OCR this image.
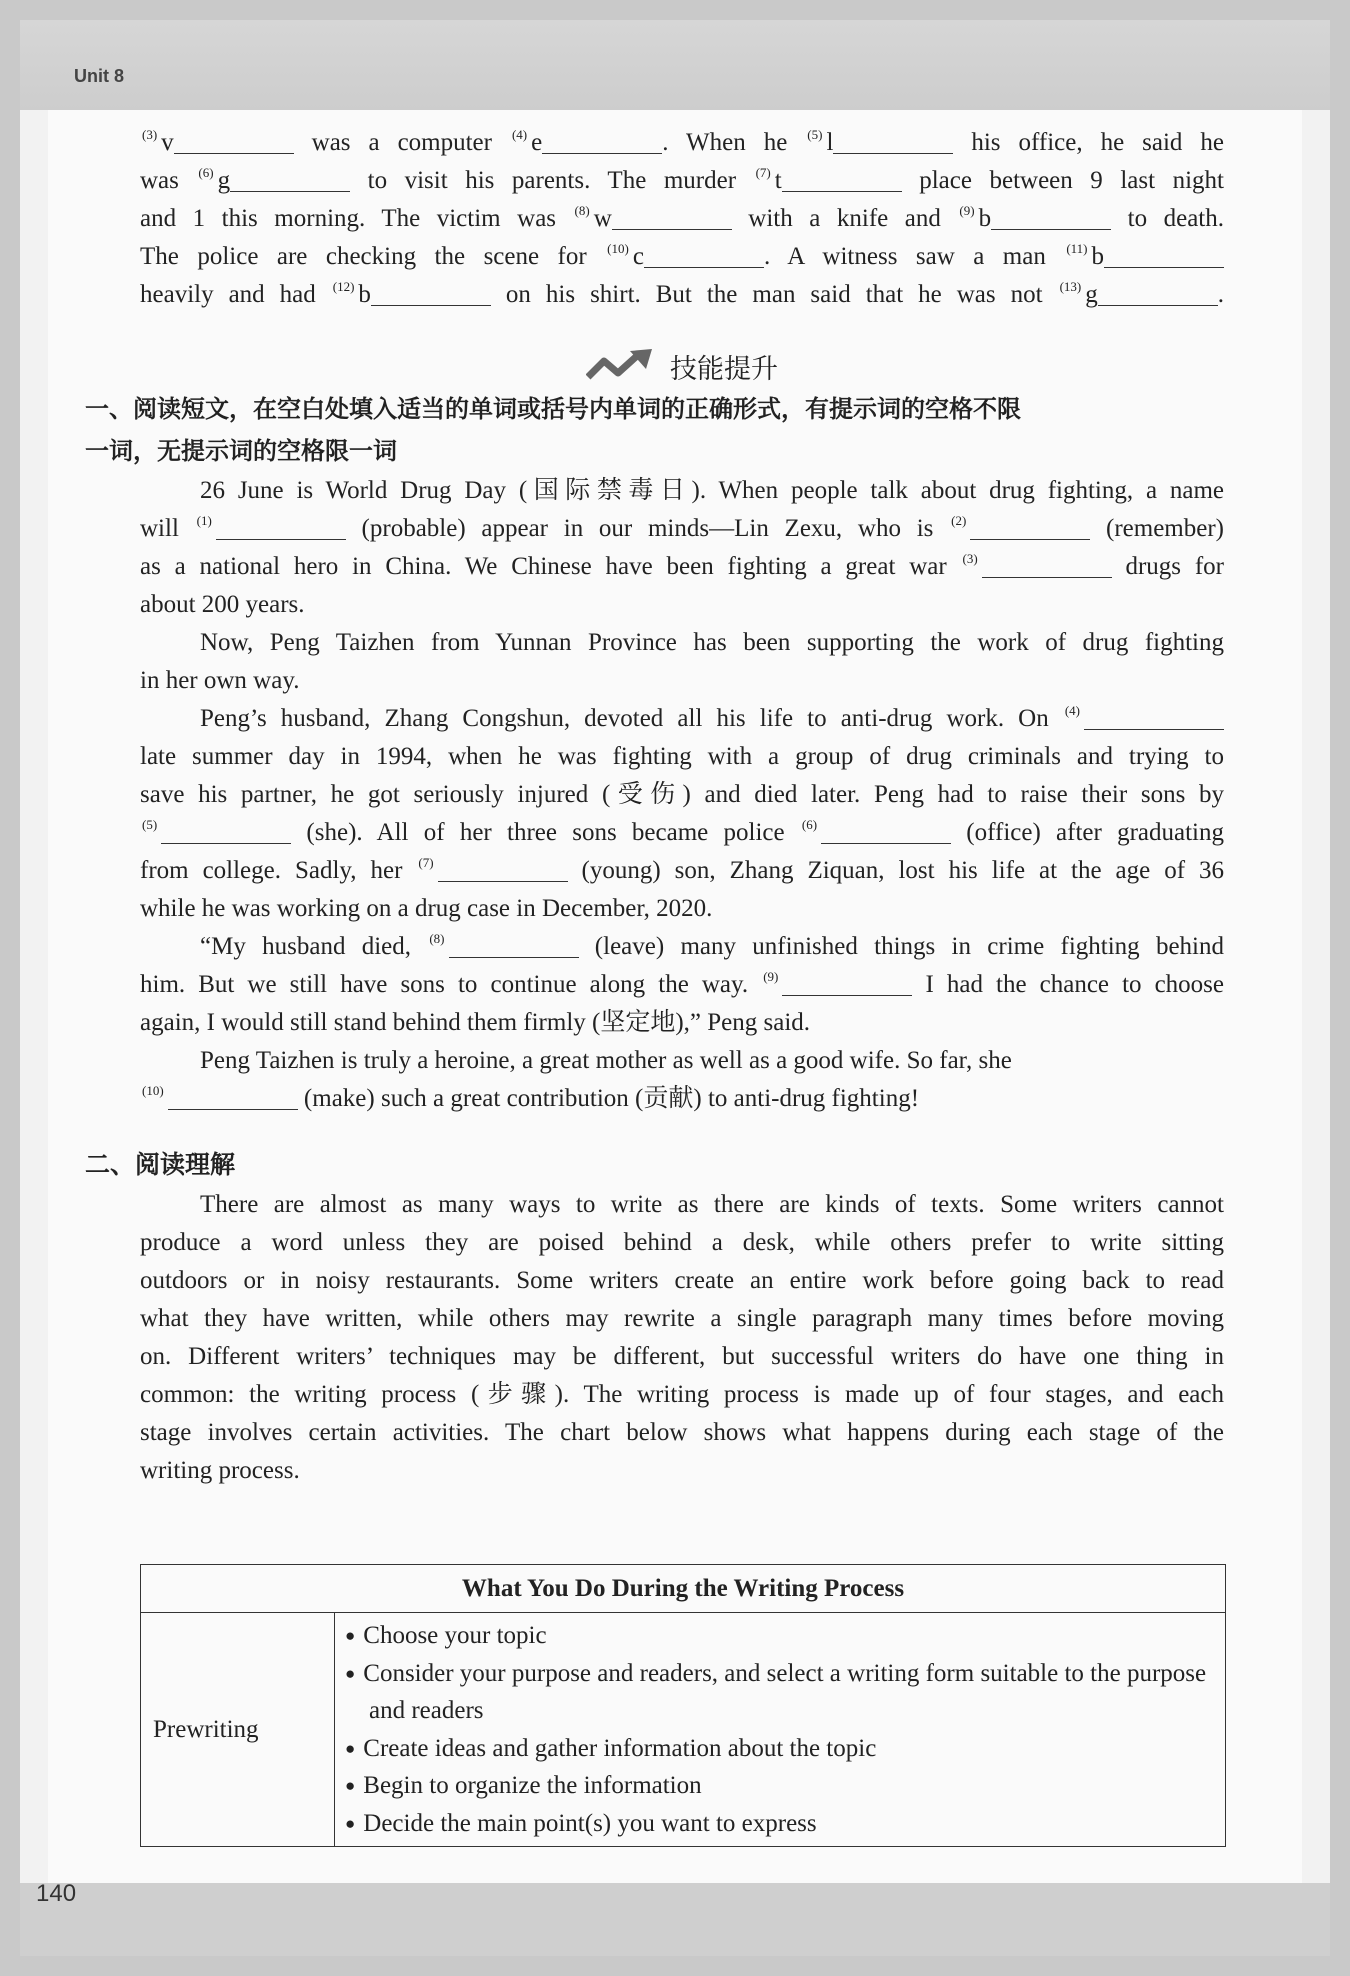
Unit 8
140
$^{(3)}$ v	was a computer $^{(4)}$ e	. When he $^{(5)}$ l	his office, he said he
was $^{(6)}$ g	to visit his parents. The murder $^{(7)}$ t	place between 9 last night
and 1 this morning. The victim was $^{(8)}$ w	with a knife and $^{(9)}$ b	to death.
The police are checking the scene for $^{(10)}$ c	. A witness saw a man $^{(11)}$ b
heavily and had $^{(12)}$ b	on his shirt. But the man said that he was not $^{(13)}$ g	.
技能提升
一、阅读短文，在空白处填入适当的单词或括号内单词的正确形式，有提示词的空格不限
一词，无提示词的空格限一词
26 June is World Drug Day (国际禁毒日). When people talk about drug fighting, a name
will $^{(1)}$	(probable) appear in our minds—Lin Zexu, who is $^{(2)}$	(remember)
as a national hero in China. We Chinese have been fighting a great war $^{(3)}$	drugs for
about 200 years.
Now, Peng Taizhen from Yunnan Province has been supporting the work of drug fighting
in her own way.
Peng’s husband, Zhang Congshun, devoted all his life to anti-drug work. On $^{(4)}$
late summer day in 1994, when he was fighting with a group of drug criminals and trying to
save his partner, he got seriously injured (受伤) and died later. Peng had to raise their sons by
$^{(5)}$	(she). All of her three sons became police $^{(6)}$	(office) after graduating
from college. Sadly, her $^{(7)}$	(young) son, Zhang Ziquan, lost his life at the age of 36
while he was working on a drug case in December, 2020.
“My husband died, $^{(8)}$	(leave) many unfinished things in crime fighting behind
him. But we still have sons to continue along the way. $^{(9)}$	I had the chance to choose
again, I would still stand behind them firmly (坚定地),” Peng said.
Peng Taizhen is truly a heroine, a great mother as well as a good wife. So far, she
$^{(10)}$	(make) such a great contribution (贡献) to anti-drug fighting!
二、阅读理解
There are almost as many ways to write as there are kinds of texts. Some writers cannot
produce a word unless they are poised behind a desk, while others prefer to write sitting
outdoors or in noisy restaurants. Some writers create an entire work before going back to read
what they have written, while others may rewrite a single paragraph many times before moving
on. Different writers’ techniques may be different, but successful writers do have one thing in
common: the writing process (步骤). The writing process is made up of four stages, and each
stage involves certain activities. The chart below shows what happens during each stage of the
writing process.
What You Do During the Writing Process
Prewriting	
● Choose your topic
● Consider your purpose and readers, and select a writing form suitable to the purpose and readers
● Create ideas and gather information about the topic
● Begin to organize the information
● Decide the main point(s) you want to express
